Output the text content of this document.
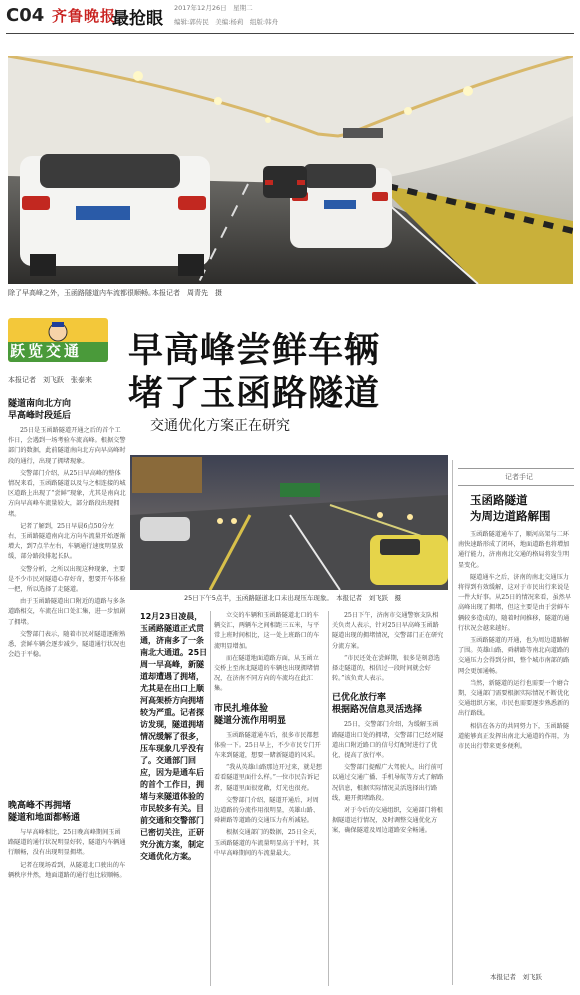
C04 齐鲁晚报
最抢眼
2017年12月26日　星期二
编辑:郭传民　美编:杨莉　组版:韩舟
除了早高峰之外，玉函路隧道内车流都很顺畅。
本报记者　周青先　摄
跃览交通 早高峰尝鲜车辆
堵了玉函路隧道
交通优化方案正在研究
本报记者　刘飞跃　张泰来
隧道南向北方向
早高峰时段延后

25日是玉函路隧道开通之后的首个工作日，会遇到一场考验车流高峰。根据交警部门的数据，此前隧道南向北方向早高峰时段的通行，出现了拥堵现象。

交警部门介绍，从25日早高峰的整体情况来看，玉函路隧道以及与之相连接的城区道路上出现了“尝鲜”现象，尤其是南向北方向早高峰车流量较大，部分路段出现拥堵。

记者了解到，25日早晨6点50分左右，玉函路隧道南向北方向车流量开始逐渐增大，到7点半左右，车辆通行速度明显放缓，部分路段排起长队。

交警分析，之所以出现这种现象，主要是不少市民对隧道心存好奇，想要开车体验一把，所以选择了走隧道。

由于玉函路隧道出口附近的道路与多条道路相交，车流在出口处汇集，进一步加剧了拥堵。

交警部门表示，随着市民对隧道逐渐熟悉，尝鲜车辆会逐步减少，隧道通行状况也会趋于平稳。

晚高峰不再拥堵
隧道和地面都畅通

与早高峰相比，25日晚高峰期间玉函路隧道的通行状况明显好转，隧道内车辆通行顺畅，没有出现明显拥堵。

记者在现场看到，从隧道北口驶出的车辆秩序井然，地面道路的通行也比较顺畅。

25日下午5点半，玉函路隧道北口未出现压车现象。　 本报记者　刘飞跃　摄
12月23日凌晨，玉函路隧道正式贯通，济南多了一条南北大通道。25日周一早高峰，新隧道却遭遇了拥堵，尤其是在出口上顺河高架桥方向拥堵较为严重。记者探访发现，隧道拥堵情况缓解了很多，压车现象几乎没有了。交通部门回应，因为是通车后的首个工作日，拥堵与来隧道体验的市民较多有关。目前交通和交警部门已密切关注，正研究分流方案，制定交通优化方案。

立交的车辆和玉函路隧道北口的车辆交汇，两辆车之间相距三五米，与平常上班时间相比，这一处上班路口的车流明显增加。

而在隧道地面道路方面，从玉函立交桥上至南北隧道的车辆也出现拥堵情况，在济南不同方向的车流均在此汇集。

市民扎堆体验
隧道分流作用明显

玉函路隧道通车后，很多市民都想体验一下。25日早上，不少市民专门开车来到隧道，想要一睹新隧道的风采。

“我从英雄山路那边开过来，就是想看看隧道里面什么样。”一位市民告诉记者，隧道里面很宽敞，灯光也很亮。

交警部门介绍，隧道开通后，对周边道路的分流作用很明显，英雄山路、舜耕路等道路的交通压力有所减轻。

根据交通部门的数据，25日全天，玉函路隧道的车流量明显高于平时，其中早高峰期间的车流量最大。

25日下午，济南市交通警察支队相关负责人表示，针对25日早高峰玉函路隧道出现的拥堵情况，交警部门正在研究分流方案。

“市民还处在尝鲜期，很多是刻意选择走隧道的，相信过一段时间就会好转。”该负责人表示。

已优化放行率
根据路况信息灵活选择

25日，交警部门介绍，为缓解玉函路隧道出口处的拥堵，交警部门已经对隧道出口附近路口的信号灯配时进行了优化，提高了放行率。

交警部门提醒广大驾驶人，出行前可以通过交通广播、手机导航等方式了解路况信息，根据实际情况灵活选择出行路线，避开拥堵路段。

对于今后的交通组织，交通部门将根据隧道运行情况，及时调整交通优化方案，确保隧道及周边道路安全畅通。

记者手记
玉函路隧道
为周边道路解围

玉函路隧道通车了，顺河高架与二环南快速路形成了闭环，地面道路也将增加通行能力，济南南北交通的格局将发生明显变化。

隧道通车之后，济南的南北交通压力将得到有效缓解，这对于市民出行来说是一件大好事。从25日的情况来看，虽然早高峰出现了拥堵，但这主要是由于尝鲜车辆较多造成的，随着时间推移，隧道的通行状况会越来越好。

玉函路隧道的开通，也为周边道路解了围。英雄山路、舜耕路等南北向道路的交通压力会得到分担，整个城市南部的路网会更加通畅。

当然，新隧道的运行也需要一个磨合期，交通部门需要根据实际情况不断优化交通组织方案，市民也需要逐步熟悉新的出行路线。

相信在各方的共同努力下，玉函路隧道能够真正发挥出南北大通道的作用，为市民出行带来更多便利。

本报记者　刘飞跃
